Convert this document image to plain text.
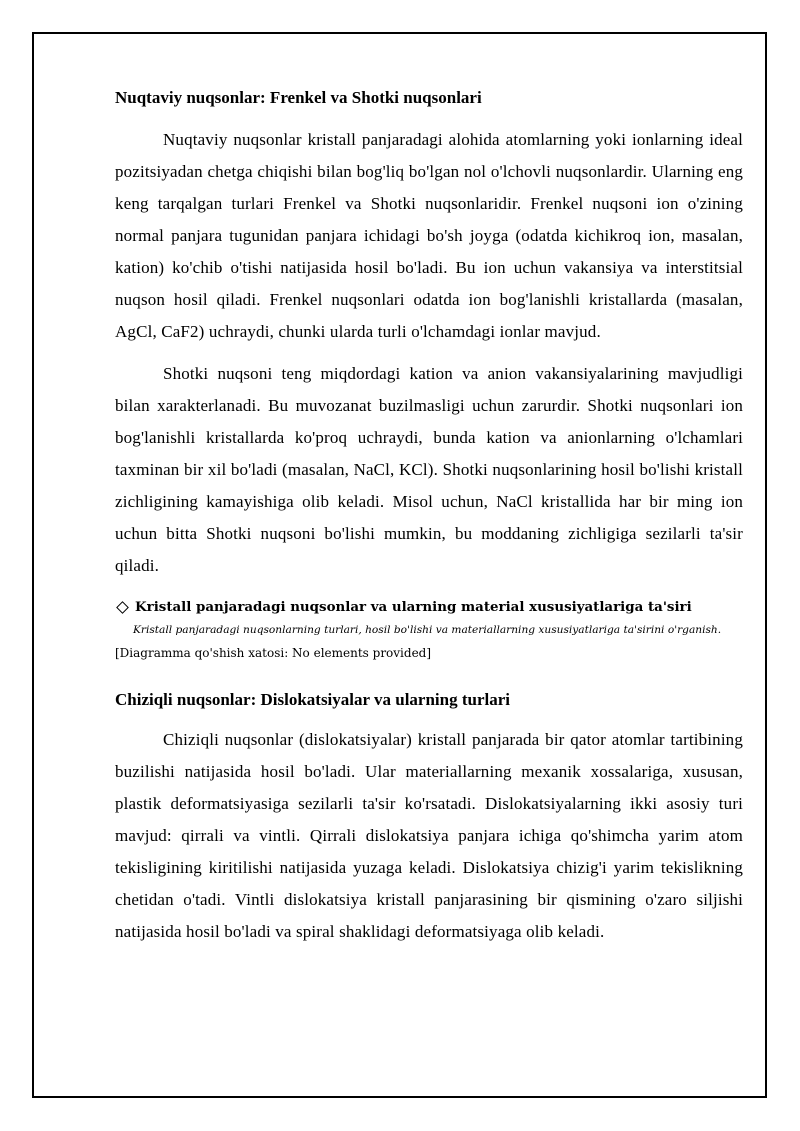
Nuqtaviy nuqsonlar: Frenkel va Shotki nuqsonlari

Nuqtaviy nuqsonlar kristall panjaradagi alohida atomlarning yoki ionlarning ideal pozitsiyadan chetga chiqishi bilan bog'liq bo'lgan nol o'lchovli nuqsonlardir. Ularning eng keng tarqalgan turlari Frenkel va Shotki nuqsonlaridir. Frenkel nuqsoni ion o'zining normal panjara tugunidan panjara ichidagi bo'sh joyga (odatda kichikroq ion, masalan, kation) ko'chib o'tishi natijasida hosil bo'ladi. Bu ion uchun vakansiya va interstitsial nuqson hosil qiladi. Frenkel nuqsonlari odatda ion bog'lanishli kristallarda (masalan, AgCl, CaF2) uchraydi, chunki ularda turli o'lchamdagi ionlar mavjud.

Shotki nuqsoni teng miqdordagi kation va anion vakansiyalarining mavjudligi bilan xarakterlanadi. Bu muvozanat buzilmasligi uchun zarurdir. Shotki nuqsonlari ion bog'lanishli kristallarda ko'proq uchraydi, bunda kation va anionlarning o'lchamlari taxminan bir xil bo'ladi (masalan, NaCl, KCl). Shotki nuqsonlarining hosil bo'lishi kristall zichligining kamayishiga olib keladi. Misol uchun, NaCl kristallida har bir ming ion uchun bitta Shotki nuqsoni bo'lishi mumkin, bu moddaning zichligiga sezilarli ta'sir qiladi.

Kristall panjaradagi nuqsonlar va ularning material xususiyatlariga ta'siri
Kristall panjaradagi nuqsonlarning turlari, hosil bo'lishi va materiallarning xususiyatlariga ta'sirini o'rganish.
[Diagramma qo'shish xatosi: No elements provided]
Chiziqli nuqsonlar: Dislokatsiyalar va ularning turlari

Chiziqli nuqsonlar (dislokatsiyalar) kristall panjarada bir qator atomlar tartibining buzilishi natijasida hosil bo'ladi. Ular materiallarning mexanik xossalariga, xususan, plastik deformatsiyasiga sezilarli ta'sir ko'rsatadi. Dislokatsiyalarning ikki asosiy turi mavjud: qirrali va vintli. Qirrali dislokatsiya panjara ichiga qo'shimcha yarim atom tekisligining kiritilishi natijasida yuzaga keladi. Dislokatsiya chizig'i yarim tekislikning chetidan o'tadi. Vintli dislokatsiya kristall panjarasining bir qismining o'zaro siljishi natijasida hosil bo'ladi va spiral shaklidagi deformatsiyaga olib keladi.
